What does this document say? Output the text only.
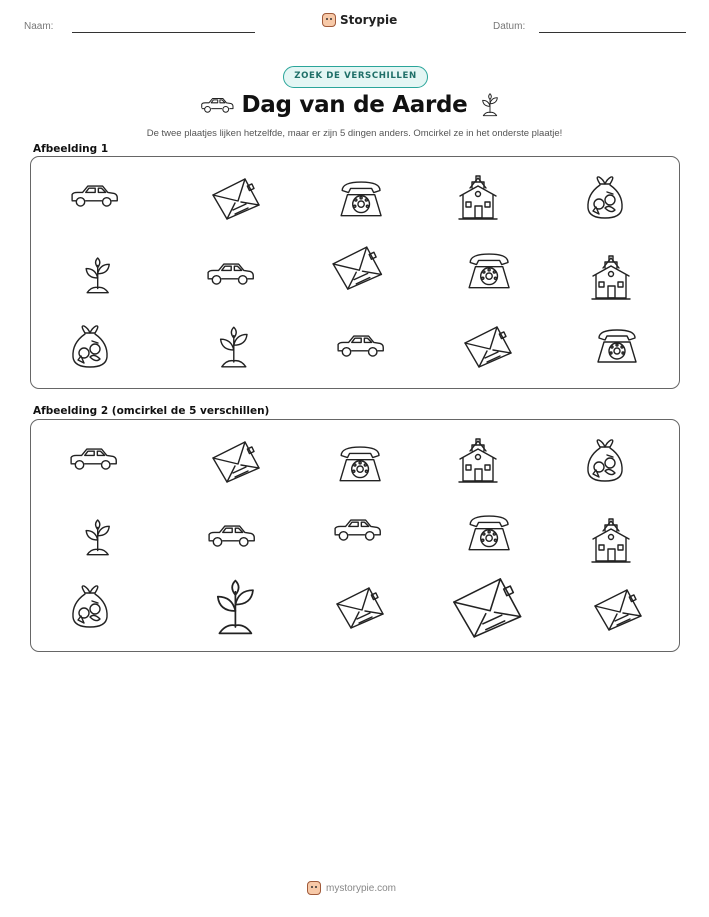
Naam:	Storypie	Datum:
ZOEK DE VERSCHILLEN
Dag van de Aarde
De twee plaatjes lijken hetzelfde, maar er zijn 5 dingen anders. Omcirkel ze in het onderste plaatje!
Afbeelding 1
Afbeelding 2 (omcirkel de 5 verschillen)
mystorypie.com
